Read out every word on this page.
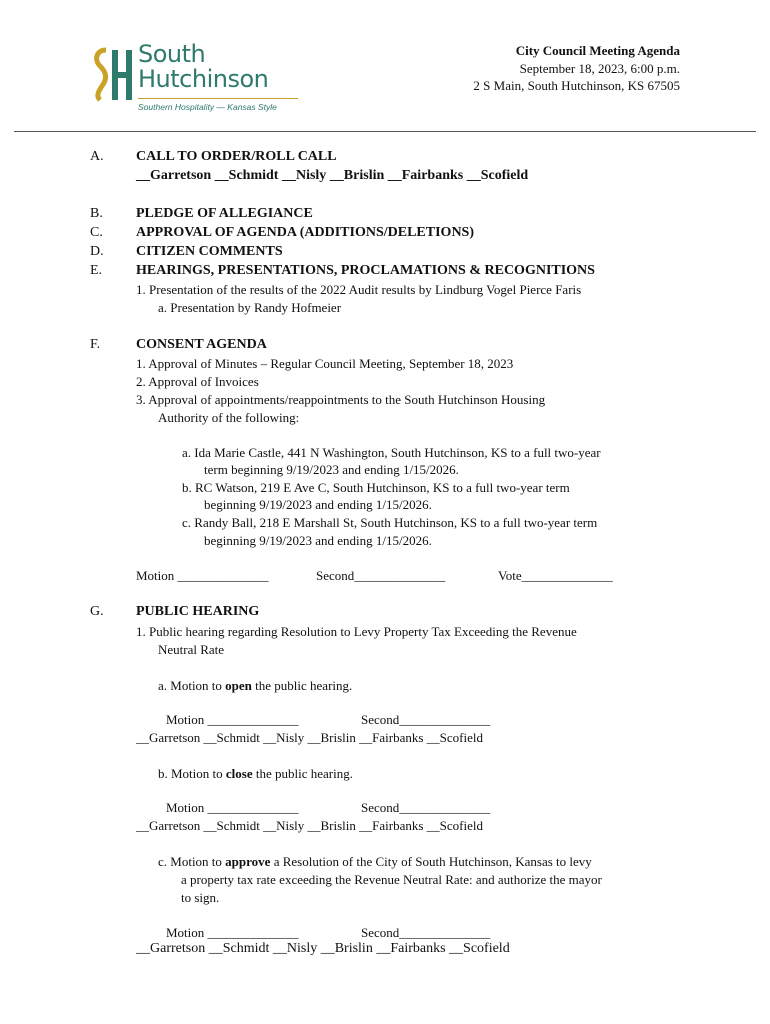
South
Hutchinson
Southern Hospitality — Kansas Style
City Council Meeting Agenda
September 18, 2023, 6:00 p.m.
2 S Main, South Hutchinson, KS 67505
A. CALL TO ORDER/ROLL CALL
__Garretson __Schmidt __Nisly __Brislin __Fairbanks __Scofield
B. PLEDGE OF ALLEGIANCE
C. APPROVAL OF AGENDA (ADDITIONS/DELETIONS)
D. CITIZEN COMMENTS
E. HEARINGS, PRESENTATIONS, PROCLAMATIONS & RECOGNITIONS
1. Presentation of the results of the 2022 Audit results by Lindburg Vogel Pierce Faris
a. Presentation by Randy Hofmeier
F.	CONSENT AGENDA
1. Approval of Minutes – Regular Council Meeting, September 18, 2023
2. Approval of Invoices
3. Approval of appointments/reappointments to the South Hutchinson Housing
Authority of the following:
a. Ida Marie Castle, 441 N Washington, South Hutchinson, KS to a full two-year
term beginning 9/19/2023 and ending 1/15/2026.
b. RC Watson, 219 E Ave C, South Hutchinson, KS to a full two-year term
beginning 9/19/2023 and ending 1/15/2026.
c. Randy Ball, 218 E Marshall St, South Hutchinson, KS to a full two-year term
beginning 9/19/2023 and ending 1/15/2026.
Motion ______________	Second______________	Vote______________
G. PUBLIC HEARING
1. Public hearing regarding Resolution to Levy Property Tax Exceeding the Revenue
Neutral Rate
a. Motion to open the public hearing.
Motion ______________	Second______________
__Garretson __Schmidt __Nisly __Brislin __Fairbanks __Scofield
b. Motion to close the public hearing.
Motion ______________	Second______________
__Garretson __Schmidt __Nisly __Brislin __Fairbanks __Scofield
c. Motion to approve a Resolution of the City of South Hutchinson, Kansas to levy
a property tax rate exceeding the Revenue Neutral Rate: and authorize the mayor
to sign.
Motion ______________	Second______________
__Garretson __Schmidt __Nisly __Brislin __Fairbanks __Scofield
